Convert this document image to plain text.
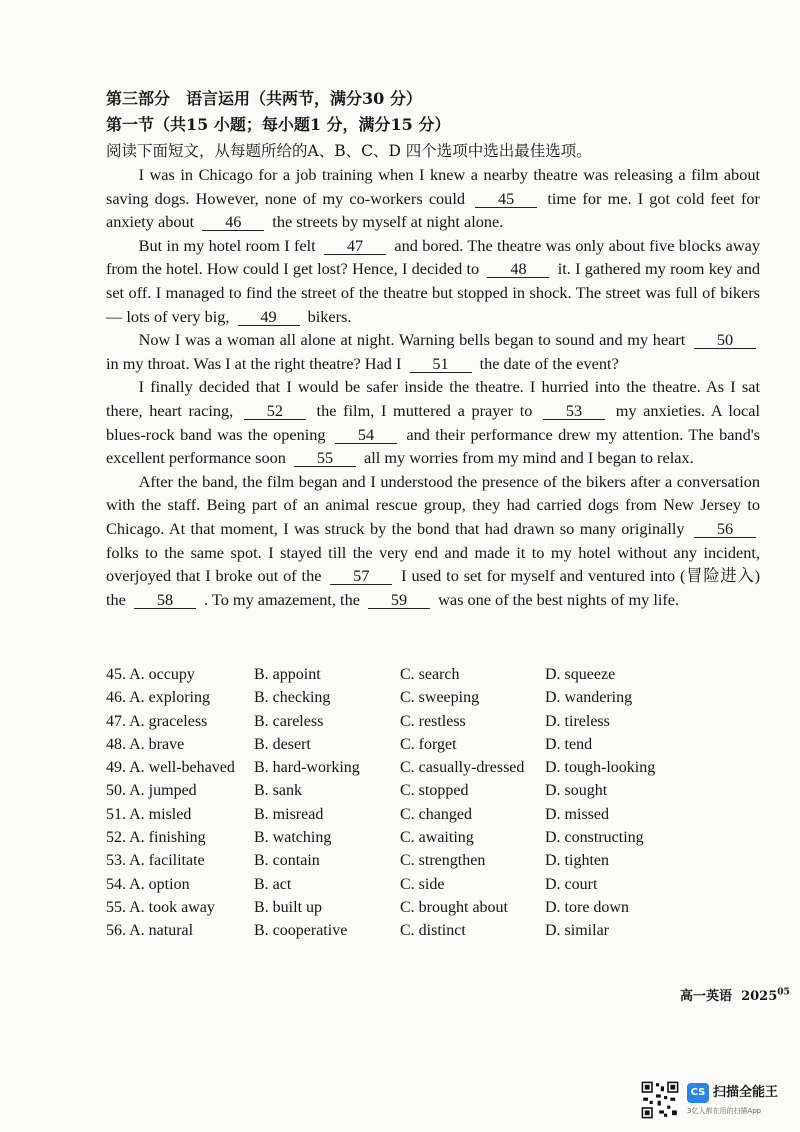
第三部分　语言运用（共两节，满分30 分）
第一节（共15 小题；每小题1 分，满分15 分）
阅读下面短文，从每题所给的A、B、C、D 四个选项中选出最佳选项。

I was in Chicago for a job training when I knew a nearby theatre was releasing a film about saving dogs. However, none of my co-workers could 45 time for me. I got cold feet for anxiety about 46 the streets by myself at night alone.

But in my hotel room I felt 47 and bored. The theatre was only about five blocks away from the hotel. How could I get lost? Hence, I decided to 48 it. I gathered my room key and set off. I managed to find the street of the theatre but stopped in shock. The street was full of bikers — lots of very big, 49 bikers.

Now I was a woman all alone at night. Warning bells began to sound and my heart 50 in my throat. Was I at the right theatre? Had I 51 the date of the event?

I finally decided that I would be safer inside the theatre. I hurried into the theatre. As I sat there, heart racing, 52 the film, I muttered a prayer to 53 my anxieties. A local blues-rock band was the opening 54 and their performance drew my attention. The band's excellent performance soon 55 all my worries from my mind and I began to relax.

After the band, the film began and I understood the presence of the bikers after a conversation with the staff. Being part of an animal rescue group, they had carried dogs from New Jersey to Chicago. At that moment, I was struck by the bond that had drawn so many originally 56 folks to the same spot. I stayed till the very end and made it to my hotel without any incident, overjoyed that I broke out of the 57 I used to set for myself and ventured into (冒险进入) the 58 . To my amazement, the 59 was one of the best nights of my life.

45. A. occupy	B. appoint	C. search	D. squeeze
46. A. exploring	B. checking	C. sweeping	D. wandering
47. A. graceless	B. careless	C. restless	D. tireless
48. A. brave	B. desert	C. forget	D. tend
49. A. well-behaved B. hard-working	C. casually-dressed D. tough-looking
50. A. jumped	B. sank	C. stopped	D. sought
51. A. misled	B. misread	C. changed	D. missed
52. A. finishing	B. watching	C. awaiting	D. constructing
53. A. facilitate	B. contain	C. strengthen	D. tighten
54. A. option	B. act	C. side	D. court
55. A. took away B. built up	C. brought about D. tore down
56. A. natural	B. cooperative	C. distinct	D. similar
高一英语 2025$^{05}$
CS 扫描全能王
3亿人都在用的扫描App
